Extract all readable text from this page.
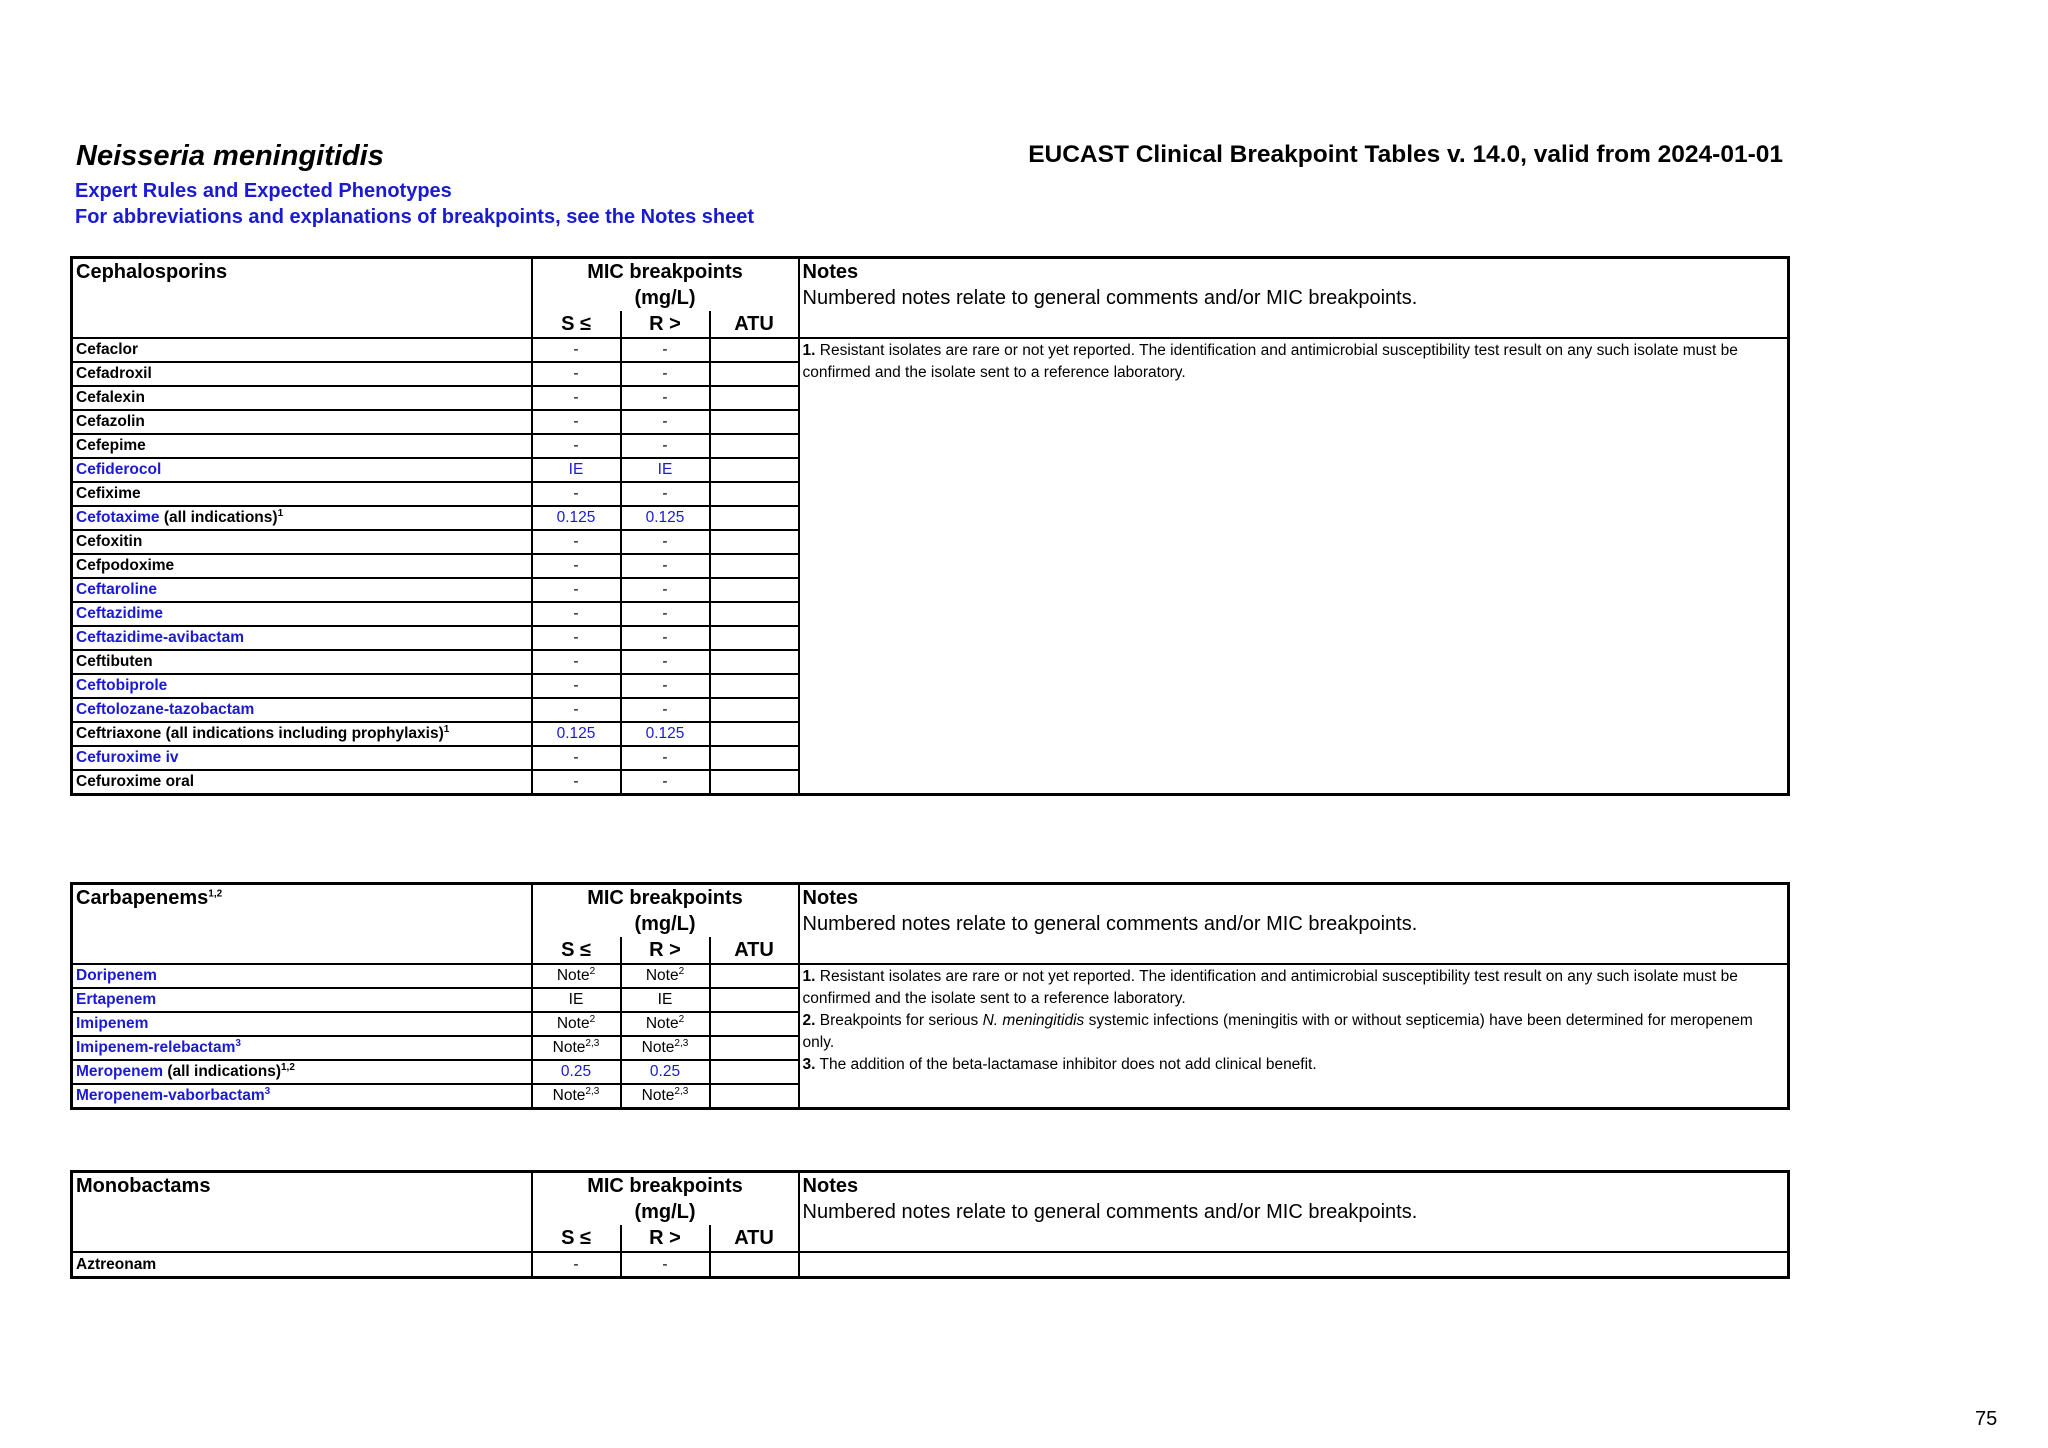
Neisseria meningitidis	EUCAST Clinical Breakpoint Tables v. 14.0, valid from 2024-01-01
Expert Rules and Expected Phenotypes
For abbreviations and explanations of breakpoints, see the Notes sheet
Cephalosporins	MIC breakpoints
(mg/L)			Notes
Numbered notes relate to general comments and/or MIC breakpoints.
	S ≤	R >	ATU	
Cefaclor	-	-		1. Resistant isolates are rare or not yet reported. The identification and antimicrobial susceptibility test result on any such isolate must be confirmed and the isolate sent to a reference laboratory.

Cefadroxil	-	-		
Cefalexin	-	-		
Cefazolin	-	-		
Cefepime	-	-		
Cefiderocol	IE	IE		
Cefixime	-	-		
Cefotaxime (all indications)$^1$	0.125	0.125		
Cefoxitin	-	-		
Cefpodoxime	-	-		
Ceftaroline	-	-		
Ceftazidime	-	-		
Ceftazidime-avibactam	-	-		
Ceftibuten	-	-		
Ceftobiprole	-	-		
Ceftolozane-tazobactam	-	-		
Ceftriaxone (all indications including prophylaxis)$^1$	0.125	0.125		
Cefuroxime iv	-	-		
Cefuroxime oral	-	-		
Carbapenems$^{1,2}$	MIC breakpoints
(mg/L)			Notes
Numbered notes relate to general comments and/or MIC breakpoints.
	S ≤	R >	ATU	
Doripenem	Note$^2$	Note$^2$		1. Resistant isolates are rare or not yet reported. The identification and antimicrobial susceptibility test result on any such isolate must be confirmed and the isolate sent to a reference laboratory.
2. Breakpoints for serious N. meningitidis systemic infections (meningitis with or without septicemia) have been determined for meropenem only.
3. The addition of the beta-lactamase inhibitor does not add clinical benefit.

Ertapenem	IE	IE		
Imipenem	Note$^2$	Note$^2$	
Imipenem-relebactam$^3$	Note$^{2,3}$	Note$^{2,3}$	
Meropenem (all indications)$^{1,2}$	0.25	0.25		
Meropenem-vaborbactam$^3$	Note$^{2,3}$	Note$^{2,3}$	
Monobactams	MIC breakpoints
(mg/L)			Notes
Numbered notes relate to general comments and/or MIC breakpoints.
	S ≤	R >	ATU	
Aztreonam	-	-		
75
